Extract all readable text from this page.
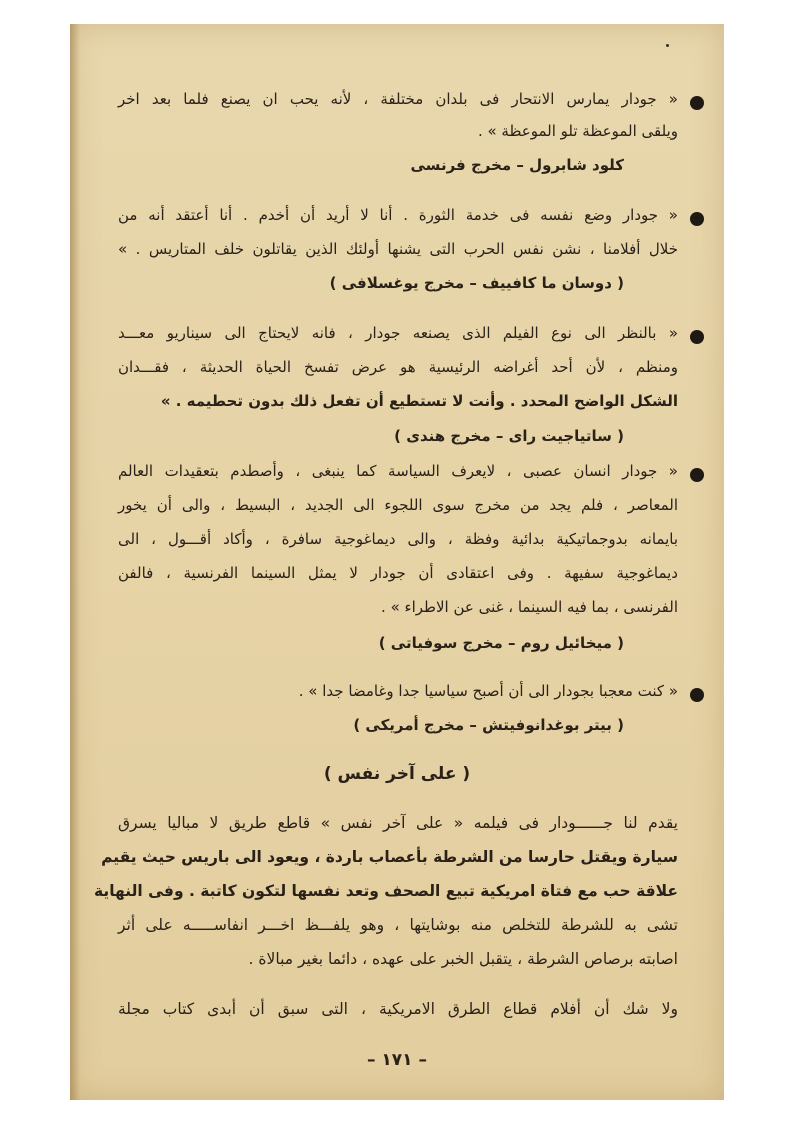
« جودار يمارس الانتحار فى بلدان مختلفة ، لأنه يحب ان يصنع فلما بعد اخر
ويلقى الموعظة تلو الموعظة » .
كلود شابرول – مخرج فرنسى
« جودار وضع نفسه فى خدمة الثورة . أنا لا أريد أن أخدم . أنا أعتقد أنه من
خلال أفلامنا ، نشن نفس الحرب التى يشنها أولئك الذين يقاتلون خلف المتاريس . »
( دوسان ما كافييف – مخرج يوغسلافى )
« بالنظر الى نوع الفيلم الذى يصنعه جودار ، فانه لايحتاج الى سيناريو معـــد
ومنظم ، لأن أحد أغراضه الرئيسية هو عرض تفسخ الحياة الحديثة ، فقـــدان
الشكل الواضح المحدد . وأنت لا تستطيع أن تفعل ذلك بدون تحطيمه . »
( ساتياجيت راى – مخرج هندى )
« جودار انسان عصبى ، لايعرف السياسة كما ينبغى ، وأصطدم بتعقيدات العالم
المعاصر ، فلم يجد من مخرج سوى اللجوء الى الجديد ، البسيط ، والى أن يخور
بايمانه بدوجماتيكية بدائية وفظة ، والى ديماغوجية سافرة ، وأكاد أقـــول ، الى
ديماغوجية سفيهة . وفى اعتقادى أن جودار لا يمثل السينما الفرنسية ، فالفن
الفرنسى ، بما فيه السينما ، غنى عن الاطراء » .
( ميخائيل روم – مخرج سوفياتى )
« كنت معجبا بجودار الى أن أصبح سياسيا جدا وغامضا جدا » .
( بيتر بوغدانوفيتش – مخرج أمريكى )
( على آخر نفس )
يقدم لنا جــــــودار فى فيلمه « على آخر نفس » قاطع طريق لا مباليا يسرق
سيارة ويقتل حارسا من الشرطة بأعصاب باردة ، ويعود الى باريس حيث يقيم
علاقة حب مع فتاة امريكية تبيع الصحف وتعد نفسها لتكون كاتبة . وفى النهاية
تشى به للشرطة للتخلص منه بوشايتها ، وهو يلفـــظ اخـــر انفاســـــه على أثر
اصابته برصاص الشرطة ، يتقبل الخبر على عهده ، دائما بغير مبالاة .
ولا شك أن أفلام قطاع الطرق الامريكية ، التى سبق أن أبدى كتاب مجلة
– ١٧١ –
